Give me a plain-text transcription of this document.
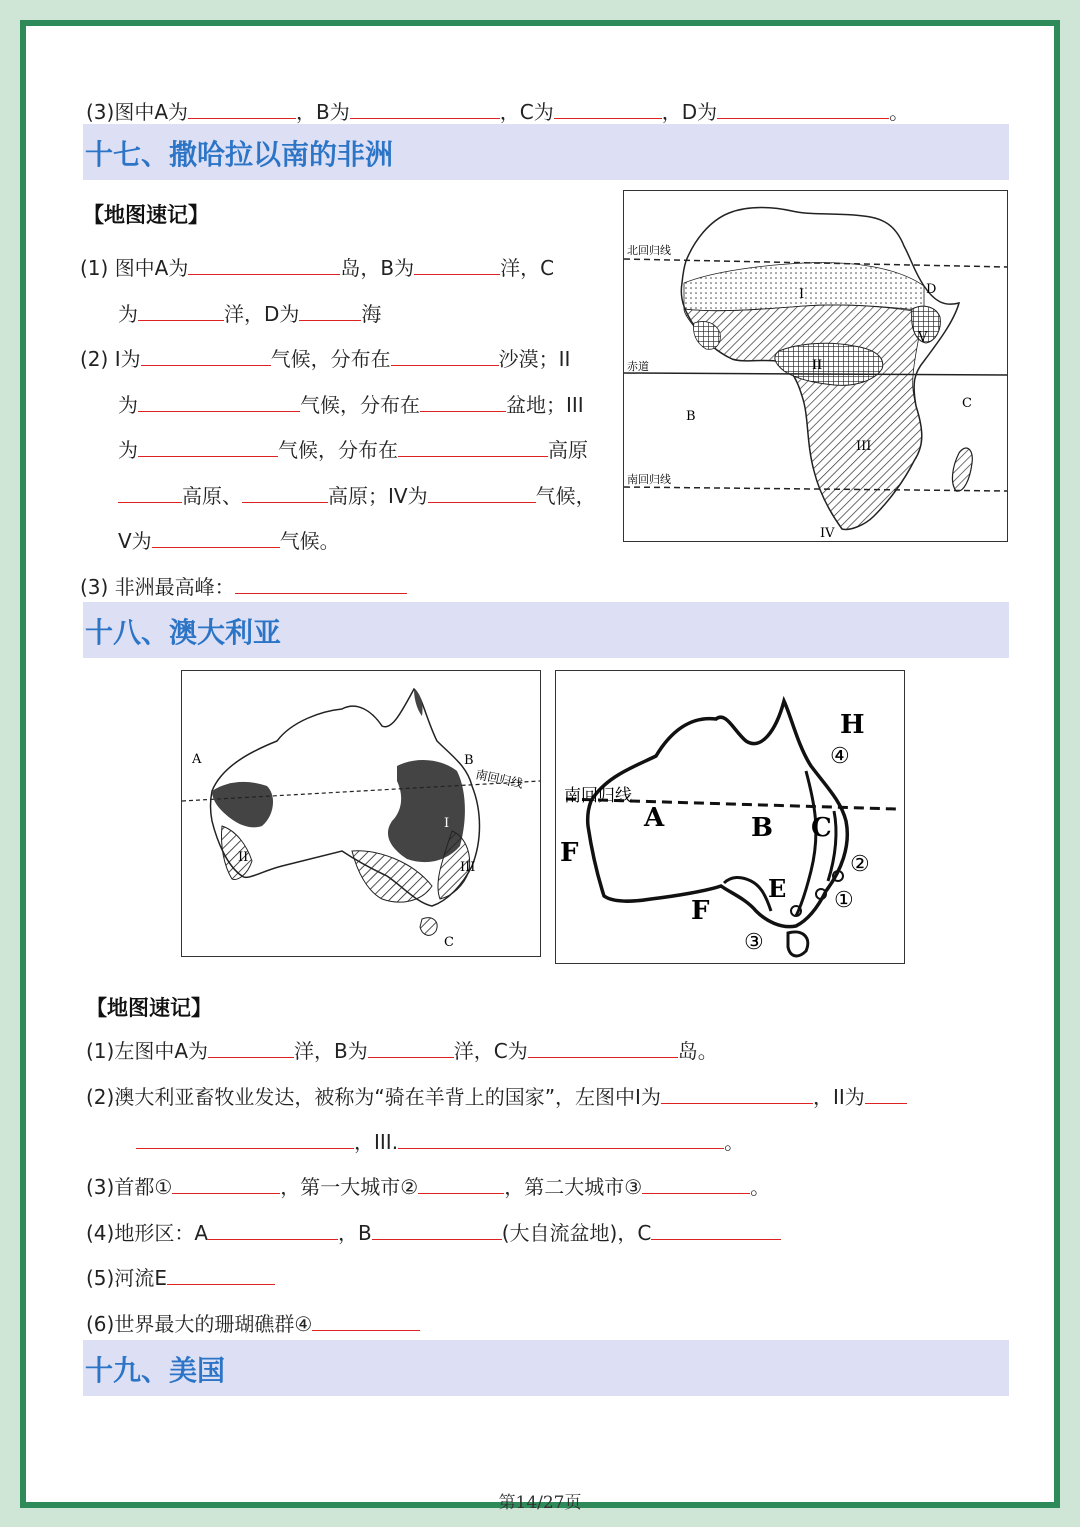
(3)图中A为	，B为	，C为	，D为	。
十七、撒哈拉以南的非洲
【地图速记】
(1) 图中A为	岛，B为	洋，C
为	洋，D为	海
(2) I为	气候，分布在	沙漠；II
为	气候，分布在	盆地；III
为	气候，分布在	高原
高原、	高原；IV为	气候，
V为	气候。
(3) 非洲最高峰：
北回归线
赤道
南回归线
B
C
D
I
II
III
IV
V
十八、澳大利亚
南回归线
A	B
C
I
II
III
南回归线
H
A	B C
F
F
E ①
②
③
④
【地图速记】
(1)左图中A为	洋，B为	洋，C为	岛。
(2)澳大利亚畜牧业发达，被称为“骑在羊背上的国家”，左图中I为	，II为
，III.	。
(3)首都①	，第一大城市②	，第二大城市③	。
(4)地形区：A	，B	(大自流盆地)，C
(5)河流E
(6)世界最大的珊瑚礁群④
十九、美国
第14/27页
